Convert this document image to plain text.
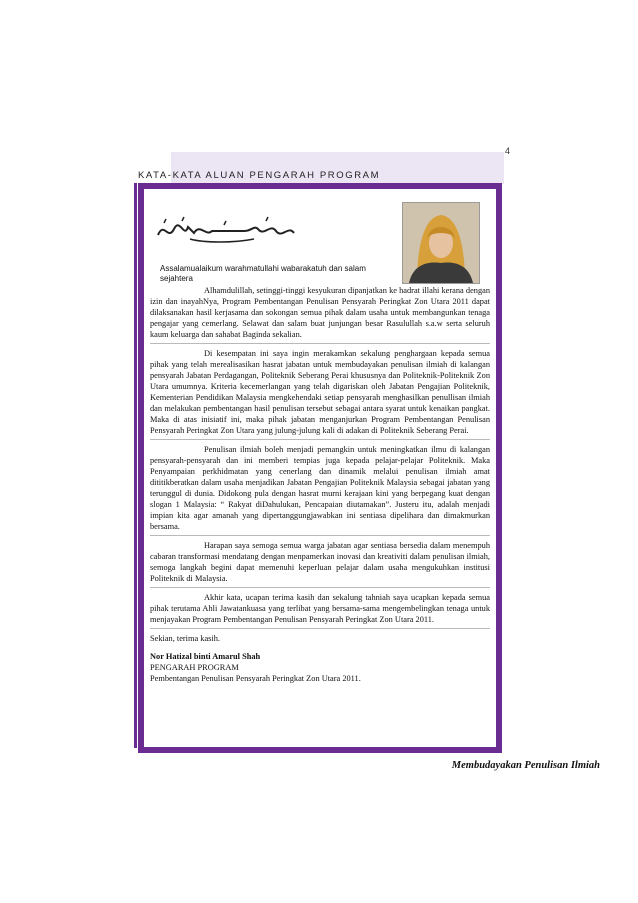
4
KATA-KATA ALUAN PENGARAH PROGRAM
Assalamualaikum warahmatullahi wabarakatuh dan salam sejahtera

Alhamdulillah, setinggi-tinggi kesyukuran dipanjatkan ke hadrat illahi kerana dengan izin dan inayahNya, Program Pembentangan Penulisan Pensyarah Peringkat Zon Utara 2011 dapat dilaksanakan hasil kerjasama dan sokongan semua pihak dalam usaha untuk membangunkan tenaga pengajar yang cemerlang. Selawat dan salam buat junjungan besar Rasulullah s.a.w serta seluruh kaum keluarga dan sahabat Baginda sekalian.

Di kesempatan ini saya ingin merakamkan sekalung penghargaan kepada semua pihak yang telah merealisasikan hasrat jabatan untuk membudayakan penulisan ilmiah di kalangan pensyarah Jabatan Perdagangan, Politeknik Seberang Perai khususnya dan Politeknik-Politeknik Zon Utara umumnya. Kriteria kecemerlangan yang telah digariskan oleh Jabatan Pengajian Politeknik, Kementerian Pendidikan Malaysia mengkehendaki setiap pensyarah menghasilkan penullisan ilmiah dan melakukan pembentangan hasil penulisan tersebut sebagai antara syarat untuk kenaikan pangkat. Maka di atas inisiatif ini, maka pihak jabatan menganjurkan Program Pembentangan Penulisan Pensyarah Peringkat Zon Utara yang julung-julung kali di adakan di Politeknik Seberang Perai.

Penulisan ilmiah boleh menjadi pemangkin untuk meningkatkan ilmu di kalangan pensyarah-pensyarah dan ini memberi tempias juga kepada pelajar-pelajar Politeknik. Maka Penyampaian perkhidmatan yang cenerlang dan dinamik melalui penulisan ilmiah amat dititikberatkan dalam usaha menjadikan Jabatan Pengajian Politeknik Malaysia sebagai jabatan yang terunggul di dunia. Didokong pula dengan hasrat murni kerajaan kini yang berpegang kuat dengan slogan 1 Malaysia: “ Rakyat diDahulukan, Pencapaian diutamakan”. Justeru itu, adalah menjadi impian kita agar amanah yang dipertanggungjawabkan ini sentiasa dipelihara dan dimakmurkan bersama.

Harapan saya semoga semua warga jabatan agar sentiasa bersedia dalam menempuh cabaran transformasi mendatang dengan menpamerkan inovasi dan kreativiti dalam penulisan ilmiah, semoga langkah begini dapat memenuhi keperluan pelajar dalam usaha mengukuhkan institusi Politeknik di Malaysia.

Akhir kata, ucapan terima kasih dan sekalung tahniah saya ucapkan kepada semua pihak terutama Ahli Jawatankuasa yang terlibat yang bersama-sama mengembelingkan tenaga untuk menjayakan Program Pembentangan Penulisan Pensyarah Peringkat Zon Utara 2011.

Sekian, terima kasih.

Nor Hatizal binti Amarul Shah
PENGARAH PROGRAM
Pembentangan Penulisan Pensyarah Peringkat Zon Utara 2011.
Membudayakan Penulisan Ilmiah
